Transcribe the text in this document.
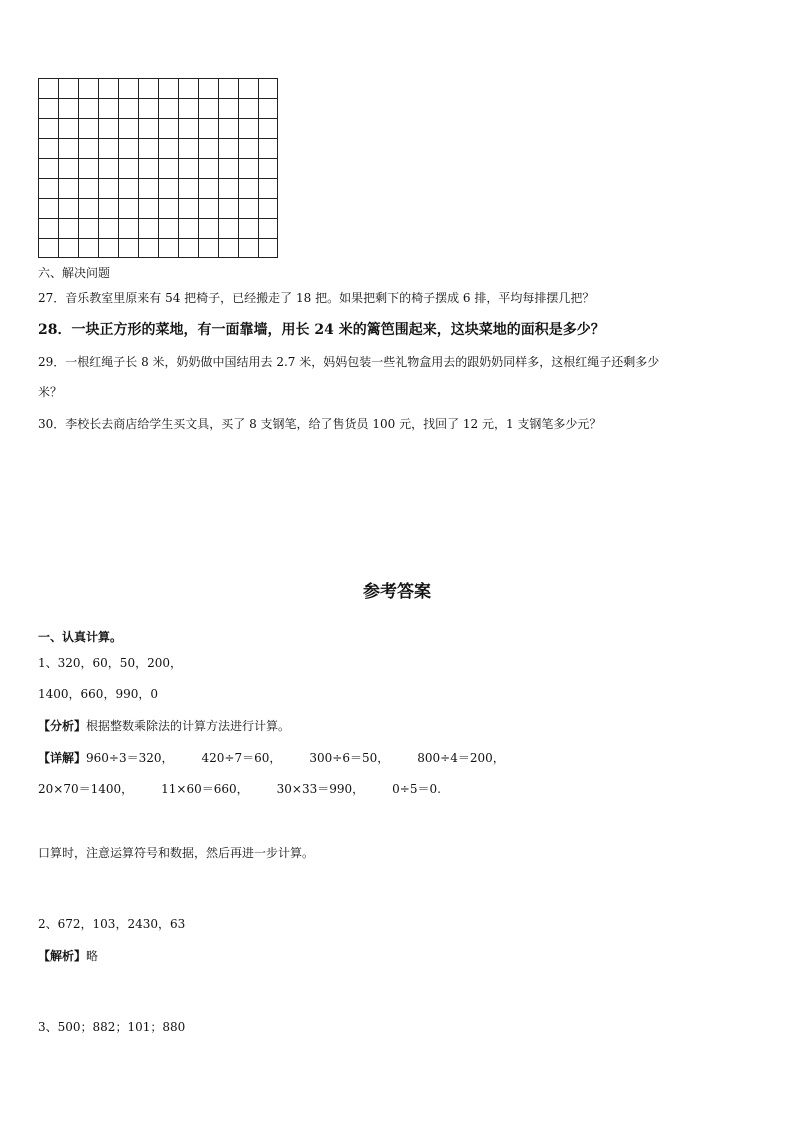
六、解决问题
27．音乐教室里原来有 54 把椅子，已经搬走了 18 把。如果把剩下的椅子摆成 6 排，平均每排摆几把？
28．一块正方形的菜地，有一面靠墙，用长 24 米的篱笆围起来，这块菜地的面积是多少？
29．一根红绳子长 8 米，奶奶做中国结用去 2.7 米，妈妈包装一些礼物盒用去的跟奶奶同样多，这根红绳子还剩多少
米？
30．李校长去商店给学生买文具，买了 8 支钢笔，给了售货员 100 元，找回了 12 元，1 支钢笔多少元？
参考答案
一、认真计算。
1、320，60，50，200，
1400，660，990，0
【分析】根据整数乘除法的计算方法进行计算。
【详解】960÷3＝320， 420÷7＝60， 300÷6＝50， 800÷4＝200，
20×70＝1400， 11×60＝660， 30×33＝990， 0÷5＝0.
口算时，注意运算符号和数据，然后再进一步计算。
2、672，103，2430，63
【解析】略
3、500；882；101；880
